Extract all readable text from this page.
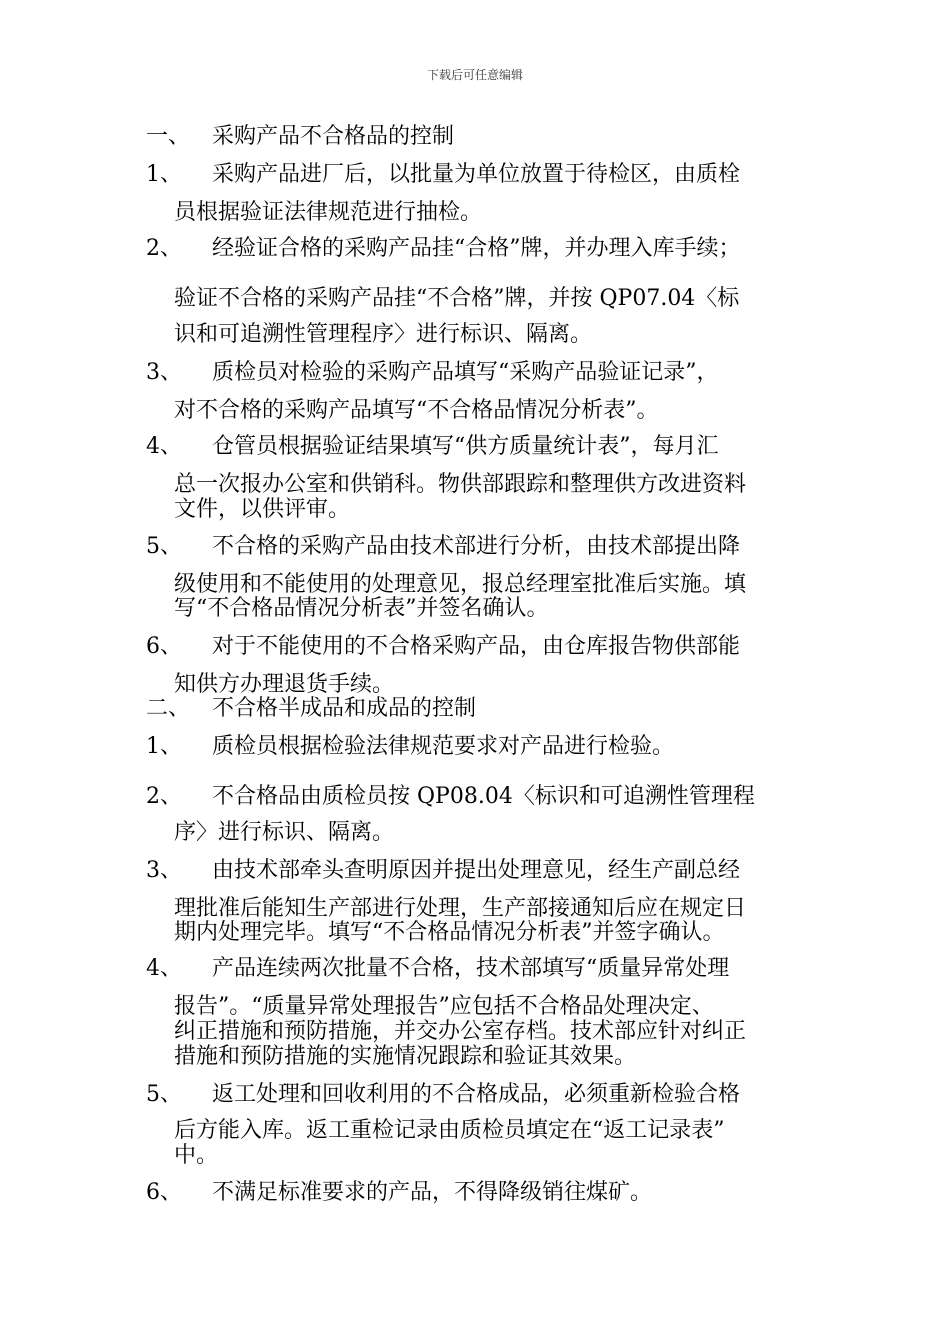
下载后可任意编辑
一、 采购产品不合格品的控制
1、 采购产品进厂后，以批量为单位放置于待检区，由质栓
员根据验证法律规范进行抽检。
2、 经验证合格的采购产品挂“合格”牌，并办理入库手续；
验证不合格的采购产品挂“不合格”牌，并按 QP07.04〈标
识和可追溯性管理程序〉进行标识、隔离。
3、 质检员对检验的采购产品填写“采购产品验证记录”，
对不合格的采购产品填写“不合格品情况分析表”。
4、 仓管员根据验证结果填写“供方质量统计表”，每月汇
总一次报办公室和供销科。物供部跟踪和整理供方改进资料
文件，以供评审。
5、 不合格的采购产品由技术部进行分析，由技术部提出降
级使用和不能使用的处理意见，报总经理室批准后实施。填
写“不合格品情况分析表”并签名确认。
6、 对于不能使用的不合格采购产品，由仓库报告物供部能
知供方办理退货手续。
二、 不合格半成品和成品的控制
1、 质检员根据检验法律规范要求对产品进行检验。
2、 不合格品由质检员按 QP08.04〈标识和可追溯性管理程
序〉进行标识、隔离。
3、 由技术部牵头查明原因并提出处理意见，经生产副总经
理批准后能知生产部进行处理，生产部接通知后应在规定日
期内处理完毕。填写“不合格品情况分析表”并签字确认。
4、 产品连续两次批量不合格，技术部填写“质量异常处理
报告”。“质量异常处理报告”应包括不合格品处理决定、
纠正措施和预防措施，并交办公室存档。技术部应针对纠正
措施和预防措施的实施情况跟踪和验证其效果。
5、 返工处理和回收利用的不合格成品，必须重新检验合格
后方能入库。返工重检记录由质检员填定在“返工记录表”
中。
6、 不满足标准要求的产品，不得降级销往煤矿。
